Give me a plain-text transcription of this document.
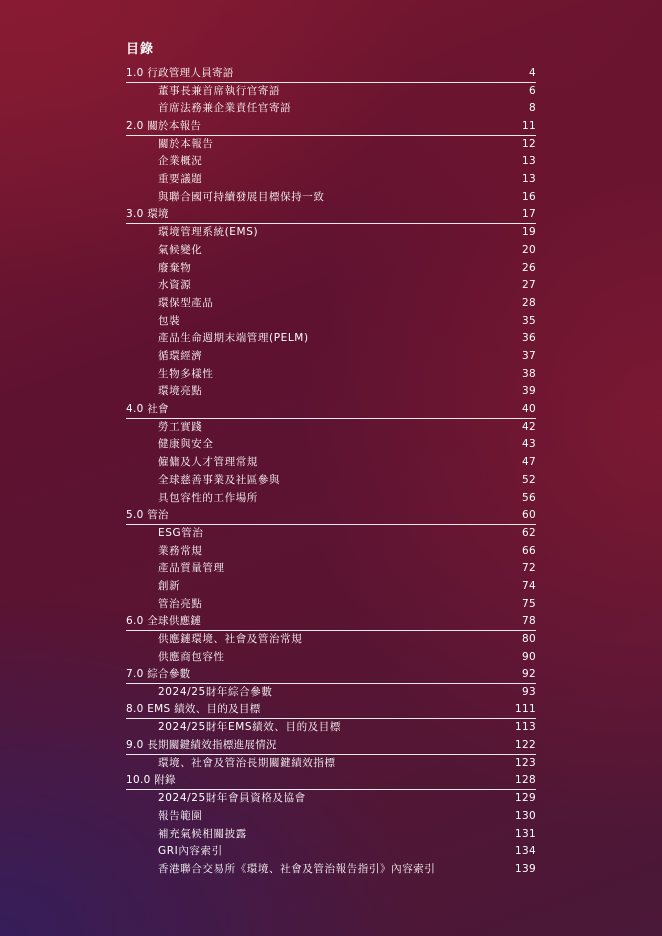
目錄
1.0 行政管理人員寄語	4
董事長兼首席執行官寄語	6
首席法務兼企業責任官寄語	8
2.0 關於本報告	11
關於本報告	12
企業概況	13
重要議題	13
與聯合國可持續發展目標保持一致	16
3.0 環境	17
環境管理系統(EMS)	19
氣候變化	20
廢棄物	26
水資源	27
環保型產品	28
包裝	35
產品生命週期末端管理(PELM)	36
循環經濟	37
生物多樣性	38
環境亮點	39
4.0 社會	40
勞工實踐	42
健康與安全	43
僱傭及人才管理常規	47
全球慈善事業及社區參與	52
具包容性的工作場所	56
5.0 管治	60
ESG管治	62
業務常規	66
產品質量管理	72
創新	74
管治亮點	75
6.0 全球供應鏈	78
供應鏈環境、社會及管治常規	80
供應商包容性	90
7.0 綜合參數	92
2024/25財年綜合參數	93
8.0 EMS 績效、目的及目標	111
2024/25財年EMS績效、目的及目標	113
9.0 長期關鍵績效指標進展情況	122
環境、社會及管治長期關鍵績效指標	123
10.0 附錄	128
2024/25財年會員資格及協會	129
報告範圍	130
補充氣候相關披露	131
GRI內容索引	134
香港聯合交易所《環境、社會及管治報告指引》內容索引	139
